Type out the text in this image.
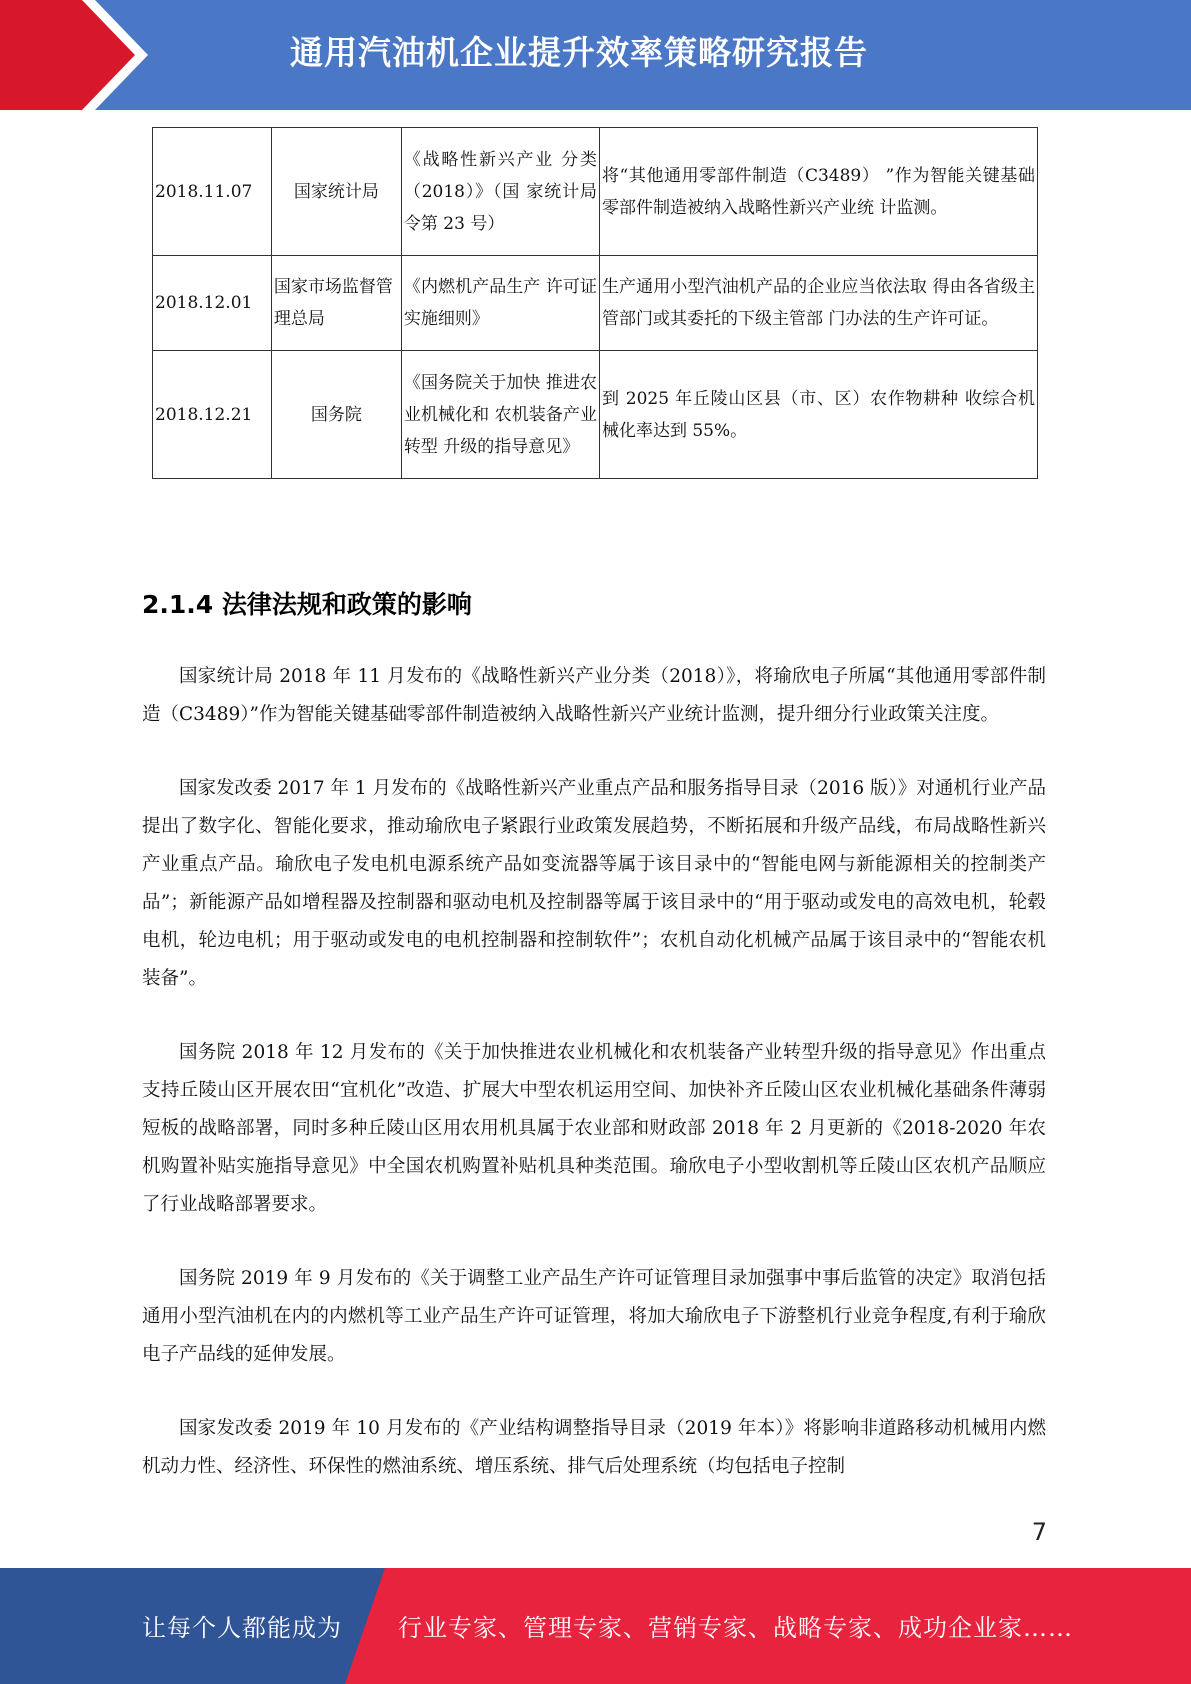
通用汽油机企业提升效率策略研究报告
2018.11.07	国家统计局	《战略性新兴产业 分类（2018）》（国 家统计局令第 23 号）	将“其他通用零部件制造（C3489） ”作为智能关键基础零部件制造被纳入战略性新兴产业统 计监测。
2018.12.01	国家市场监督管理总局	《内燃机产品生产 许可证实施细则》	生产通用小型汽油机产品的企业应当依法取 得由各省级主管部门或其委托的下级主管部 门办法的生产许可证。
2018.12.21	国务院	《国务院关于加快 推进农业机械化和 农机装备产业转型 升级的指导意见》	到 2025 年丘陵山区县（市、区）农作物耕种 收综合机械化率达到 55%。
2.1.4 法律法规和政策的影响

国家统计局 2018 年 11 月发布的《战略性新兴产业分类（2018）》，将瑜欣电子所属“其他通用零部件制造（C3489）”作为智能关键基础零部件制造被纳入战略性新兴产业统计监测，提升细分行业政策关注度。

国家发改委 2017 年 1 月发布的《战略性新兴产业重点产品和服务指导目录（2016 版）》对通机行业产品提出了数字化、智能化要求，推动瑜欣电子紧跟行业政策发展趋势，不断拓展和升级产品线，布局战略性新兴产业重点产品。瑜欣电子发电机电源系统产品如变流器等属于该目录中的“智能电网与新能源相关的控制类产品”；新能源产品如增程器及控制器和驱动电机及控制器等属于该目录中的“用于驱动或发电的高效电机，轮毂电机，轮边电机；用于驱动或发电的电机控制器和控制软件”；农机自动化机械产品属于该目录中的“智能农机装备”。

国务院 2018 年 12 月发布的《关于加快推进农业机械化和农机装备产业转型升级的指导意见》作出重点支持丘陵山区开展农田“宜机化”改造、扩展大中型农机运用空间、加快补齐丘陵山区农业机械化基础条件薄弱短板的战略部署，同时多种丘陵山区用农用机具属于农业部和财政部 2018 年 2 月更新的《2018-2020 年农机购置补贴实施指导意见》中全国农机购置补贴机具种类范围。瑜欣电子小型收割机等丘陵山区农机产品顺应了行业战略部署要求。

国务院 2019 年 9 月发布的《关于调整工业产品生产许可证管理目录加强事中事后监管的决定》取消包括通用小型汽油机在内的内燃机等工业产品生产许可证管理，将加大瑜欣电子下游整机行业竞争程度,有利于瑜欣电子产品线的延伸发展。

国家发改委 2019 年 10 月发布的《产业结构调整指导目录（2019 年本）》将影响非道路移动机械用内燃机动力性、经济性、环保性的燃油系统、增压系统、排气后处理系统（均包括电子控制

7
让每个人都能成为 行业专家、管理专家、营销专家、战略专家、成功企业家……
